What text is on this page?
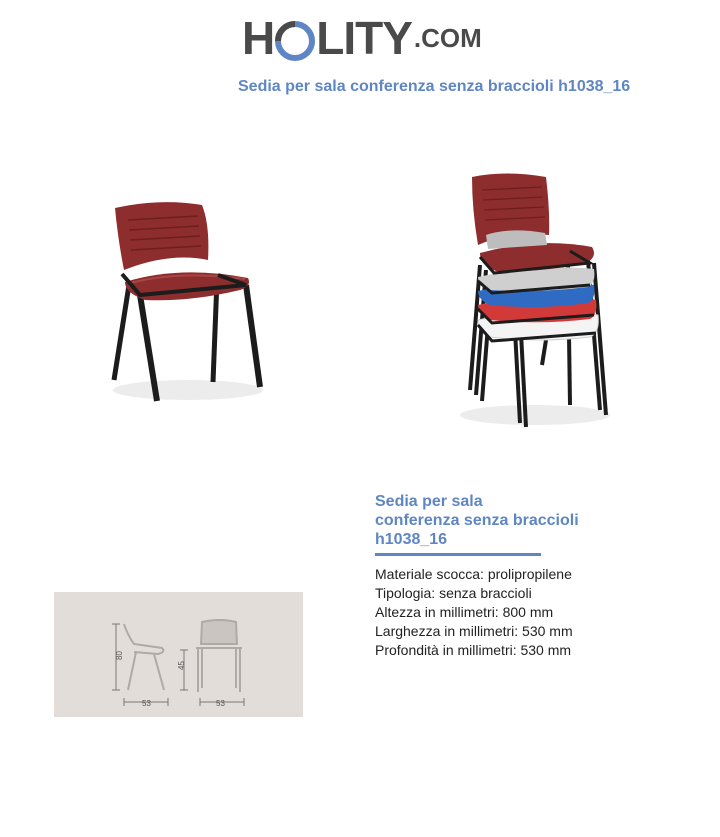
H LITY .COM
Sedia per sala conferenza senza braccioli h1038_16
Sedia per sala
conferenza senza braccioli
h1038_16
Materiale scocca: prolipropilene
Tipologia: senza braccioli
Altezza in millimetri: 800 mm
Larghezza in millimetri: 530 mm
Profondità in millimetri: 530 mm
80
53
45
53
